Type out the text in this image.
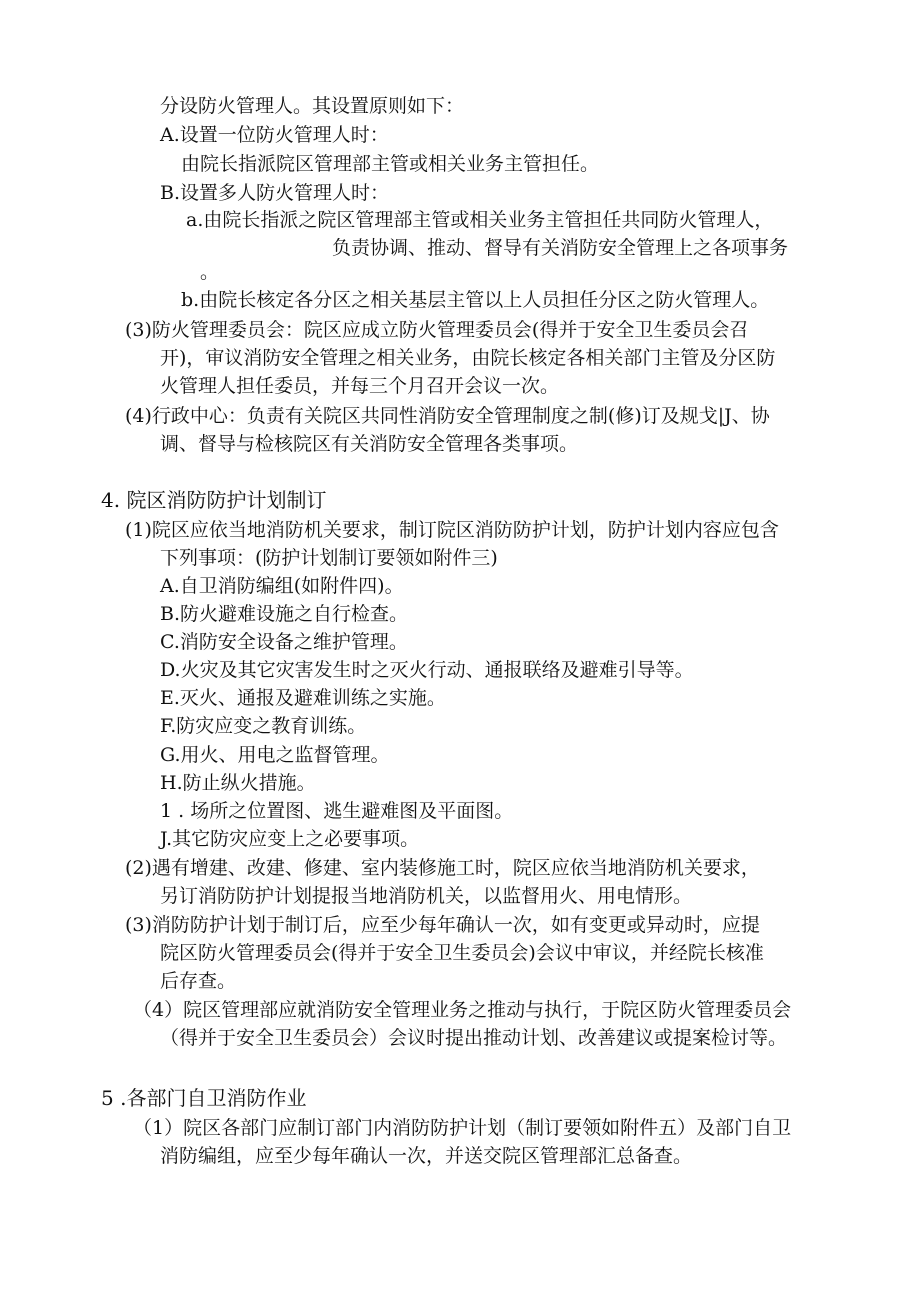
分设防火管理人。其设置原则如下：
A.设置一位防火管理人时：
由院长指派院区管理部主管或相关业务主管担任。
B.设置多人防火管理人时：
a.由院长指派之院区管理部主管或相关业务主管担任共同防火管理人，
负责协调、推动、督导有关消防安全管理上之各项事务
。
b.由院长核定各分区之相关基层主管以上人员担任分区之防火管理人。
(3)防火管理委员会：院区应成立防火管理委员会(得并于安全卫生委员会召
开)，审议消防安全管理之相关业务，由院长核定各相关部门主管及分区防
火管理人担任委员，并每三个月召开会议一次。
(4)行政中心：负责有关院区共同性消防安全管理制度之制(修)订及规戈|J、协
调、督导与检核院区有关消防安全管理各类事项。
4. 院区消防防护计划制订
(1)院区应依当地消防机关要求，制订院区消防防护计划，防护计划内容应包含
下列事项：(防护计划制订要领如附件三)
A.自卫消防编组(如附件四)。
B.防火避难设施之自行检查。
C.消防安全设备之维护管理。
D.火灾及其它灾害发生时之灭火行动、通报联络及避难引导等。
E.灭火、通报及避难训练之实施。
F.防灾应变之教育训练。
G.用火、用电之监督管理。
H.防止纵火措施。
1 . 场所之位置图、逃生避难图及平面图。
J.其它防灾应变上之必要事项。
(2)遇有增建、改建、修建、室内装修施工时，院区应依当地消防机关要求，
另订消防防护计划提报当地消防机关，以监督用火、用电情形。
(3)消防防护计划于制订后，应至少每年确认一次，如有变更或异动时，应提
院区防火管理委员会(得并于安全卫生委员会)会议中审议，并经院长核准
后存查。
（4）院区管理部应就消防安全管理业务之推动与执行，于院区防火管理委员会
（得并于安全卫生委员会）会议时提出推动计划、改善建议或提案检讨等。
5 .各部门自卫消防作业
（1）院区各部门应制订部门内消防防护计划（制订要领如附件五）及部门自卫
消防编组，应至少每年确认一次，并送交院区管理部汇总备查。
